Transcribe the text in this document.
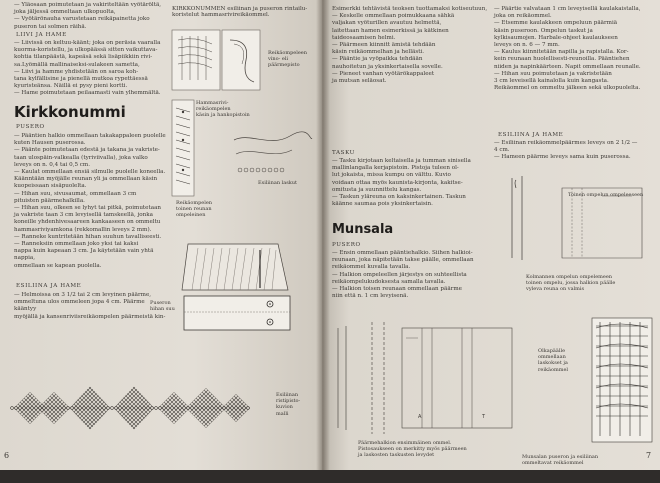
— Yläosaan poimutetaan ja vakiriteltään vyötäröltä,
joka jäljessä ommeltaan ulkopuolta,
— Vyötärönauha varustetaan reikäpainetta joko
puseron tai solmen räihä.
LIIVI JA HAME
— Liivissä on keltuu-käänt; joka on peräsia vaaralla
kuorma-koristellu, ja ulkopäässä sitten vaikuttava-
kohtia tilanpäästä, kapeäsä sekä lisäpiikkiin rivi-
sa.Lyömällä mallinaiseksi-sulakeen sametta,
— Liivi ja hamme yhdistetään on saroa koh-
tana kylfällisine ja pienellä mutkoa rypettäessä
kyuristeänsa. Näillä ei pysy pieni kortti.
— Hame poimutetaan peilaamasti vain ylhemmältä.
Kirkkonummi
PUSERO
— Pääntien halkio ommellaan takakappaleen puolelle
kuten Hausen puserossa.
— Päänte poimutetaan edestä ja takana ja vakriste-
taan ulospäin-valkealla (tyriviivalla), joka valko
leveys on n. 0,4 tai 0,5 cm.
— Kaulat ommellaan ensiä silmulle puolelle koneella.
Käänntään myöjälle reunan yli ja ommellaan käsin
kuopeissaan sisäpuolelta.
— Hihan suu, sivusaumat, ommellaan 3 cm
pituisten päärmehalkilla.
— Hihan suu, olkeen se lyhyt tai pitkä, poimutetaan
ja vakriste taan 3 cm levyisellä tamskeellä, jonka
koneille yhdenhivesaareen kankaaseen on ommeltu
hammasriviyamkona (rekkomallin leveys 2 mm).
— Ranneke kuntritetään hihan suuhun tavalliseesti.
— Ranneksiin ommellaan joko yksi tai kaksi
nappa kuin kapeaan 3 cm. Ja käytetään vain yhtä nappia,
ommellaan se kapean puolella.
ESILIINA JA HAME
— Helmoissa on 3 1/2 tai 2 cm levyinen päärme,
ommeltuna ulos ommeleen jopa 4 cm. Päärme kääntyy
myöjällä ja kansenriviisreikäompelen päärmeistä kin-
KIRKKONUMMEN esiliinan ja puseron rintailu-
koristelut hammasrivireikäommel.
Reikäompeleen
vino- eli
päärmepisto
Hammasrivi-
reikäompelen
käsin ja hankopistoin
Esiliinan laskut
Reikäompelen
toinen reunan
ompeleinen
Puseron
hihan suu
Esiliinan
ristipisto-
kuvion
malli
6
Esimerkki tehtävistä teoksen tuottamaksi kotiseutuun,
— Keskelle ommellaan poimukkaana sähkä
valjakan vyöturillen avautuu helmettä,
laitettaan hamen esimerkissä ja kätkinen
taideosaamisen helmi.
— Päärmeen kiinnitt ämistä tehdään
käsin reikäommelhan ja hellästi.
— Pääntie ja vyöpaikka tehdään
nauhoitetun ja yksinkertaisella sovelle.
— Pieneet vanhan vyötärökappaleet
ja mutsan seläosat.
TASKU
— Tasku kirjotaan keltaisella ja tumman sinisella
mallinlangalla kerjapistoin. Pistoja tuleen ol-
lut jokaista, missa kumpu on välttu. Kuvio
voidaan ottaa myös kaunista-kirjonta, kakitse-
omitusta ja suunnittelu kangas.
— Taskun yläreuna on kaksinkertainen. Taskun
käänne saumaa pois yksinkertaisin.
— Päärtie valvataan 1 cm leveyisellä kaulakaistalla,
joka on reikäommel.
— Etsemme kaulakkeen ompeluun päärmiä
käsin puseroon. Ompelun taskut ja
kylkisaumojen. Harbale-ohjeet kaulaukseen
leveys on n. 6 — 7 mm.
— Kaulus kiinnitetään napilla ja rapistalla. Kor-
kein reunaan huolellisesti-reunoilla. Pääntiehen
niiden ja napinkäärteen. Napit ommellaan reunalle.
— Hihan suu poimutetaan ja vakristetään
3 cm leveisellä kainalolla kuin kangasta.
Reikäommel on ommeltu jälkeen sekä ulkopuolelta.
ESILIINA JA HAME
— Esiliinan reikäommelpäärmes leveys on 2 1/2 —
4 cm.
— Hameen päärme leveys sama kuin puserossa.
Toinen ompelun ompeleeseen
Munsala
PUSERO
— Ensin ommellaan pääntiehalkio. Siihen halkioi-
reunaan, joka näpitetään takse päälle, ommellaan
reikäommel kuvalla tavalla.
— Halkion ompeleellen järjestys on suhteellista
reikäompelukudoksesta samalla tavalla.
— Halkion toisen reunaan ommellaan päärme
niin että n. 1 cm levyisenä.
Kolmannen ompelun ompelemeen
toinen ompelu, jossa halkion päälle
vyleva reuna on valmis
A	T
Päärmehalkion ensimmäinen ommel.
Pistosaukseen on merkitty myös päärmeen
ja laskosten taskusten levydet
Olkapäälle
ommellaan
laskokset ja
reikäommel
Munsalan puseron ja esiliinan
ommeltavat reikäommel
7
